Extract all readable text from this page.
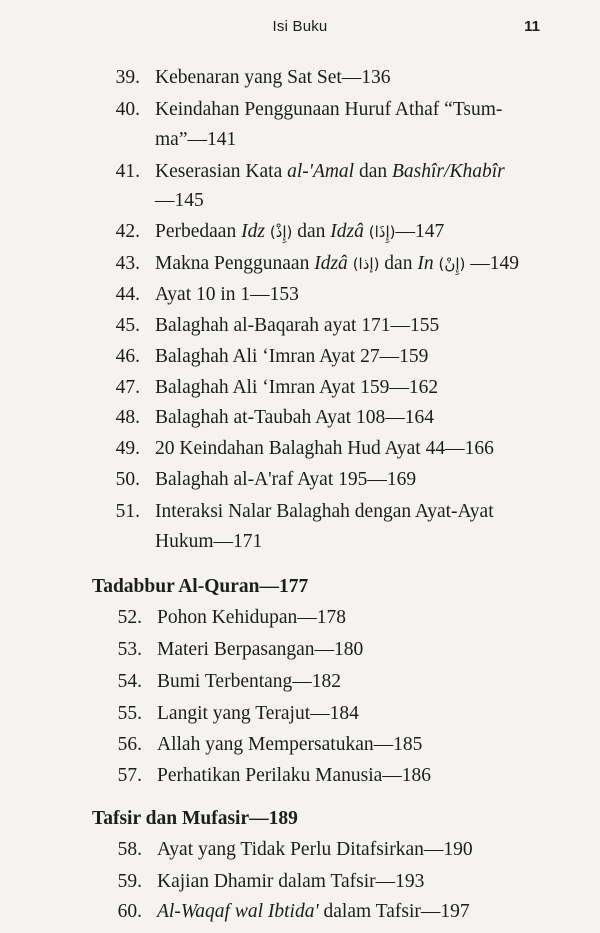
Isi Buku	11
39. Kebenaran yang Sat Set—136
40. Keindahan Penggunaan Huruf Athaf “Tsum-
ma”—141
41. Keserasian Kata al-'Amal dan Bashîr/Khabîr
—145
42. Perbedaan Idz (إِذْ) dan Idzâ (إِذَا)—147
43. Makna Penggunaan Idzâ (إذا) dan In (إِنْ) —149
44. Ayat 10 in 1—153
45. Balaghah al-Baqarah ayat 171—155
46. Balaghah Ali ‘Imran Ayat 27—159
47. Balaghah Ali ‘Imran Ayat 159—162
48. Balaghah at-Taubah Ayat 108—164
49. 20 Keindahan Balaghah Hud Ayat 44—166
50. Balaghah al-A'raf Ayat 195—169
51. Interaksi Nalar Balaghah dengan Ayat-Ayat
Hukum—171
Tadabbur Al-Quran—177
52. Pohon Kehidupan—178
53. Materi Berpasangan—180
54. Bumi Terbentang—182
55. Langit yang Terajut—184
56. Allah yang Mempersatukan—185
57. Perhatikan Perilaku Manusia—186
Tafsir dan Mufasir—189
58. Ayat yang Tidak Perlu Ditafsirkan—190
59. Kajian Dhamir dalam Tafsir—193
60. Al-Waqaf wal Ibtida' dalam Tafsir—197
